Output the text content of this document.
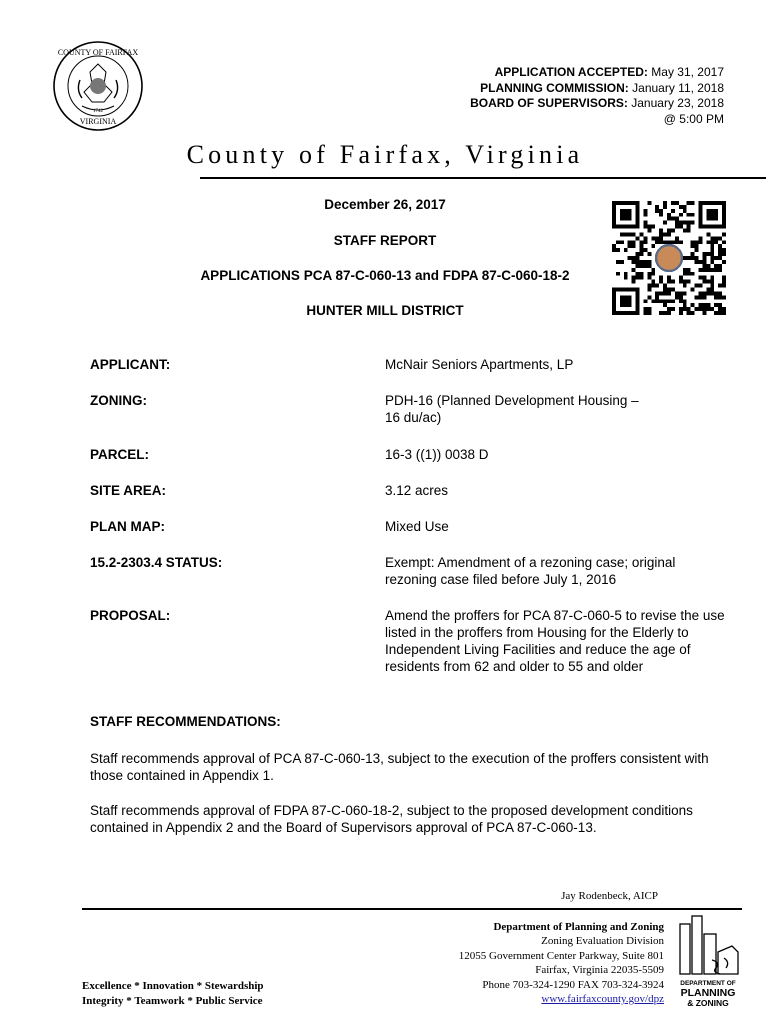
COUNTY OF FAIRFAX
VIRGINIA
1742
APPLICATION ACCEPTED: May 31, 2017
PLANNING COMMISSION: January 11, 2018
BOARD OF SUPERVISORS: January 23, 2018
@ 5:00 PM
County of Fairfax, Virginia
December 26, 2017
STAFF REPORT
APPLICATIONS PCA 87-C-060-13 and FDPA 87-C-060-18-2
HUNTER MILL DISTRICT
APPLICANT:	McNair Seniors Apartments, LP
ZONING:	PDH-16 (Planned Development Housing –
16 du/ac)
PARCEL:	16-3 ((1)) 0038 D
SITE AREA:	3.12 acres
PLAN MAP:	Mixed Use
15.2-2303.4 STATUS:	Exempt: Amendment of a rezoning case; original rezoning case filed before July 1, 2016
PROPOSAL:	Amend the proffers for PCA 87-C-060-5 to revise the use listed in the proffers from Housing for the Elderly to Independent Living Facilities and reduce the age of residents from 62 and older to 55 and older
STAFF RECOMMENDATIONS:
Staff recommends approval of PCA 87-C-060-13, subject to the execution of the proffers consistent with those contained in Appendix 1.
Staff recommends approval of FDPA 87-C-060-18-2, subject to the proposed development conditions contained in Appendix 2 and the Board of Supervisors approval of PCA 87-C-060-13.
Jay Rodenbeck, AICP
Department of Planning and Zoning
Zoning Evaluation Division
12055 Government Center Parkway, Suite 801
Fairfax, Virginia 22035-5509
Phone 703-324-1290 FAX 703-324-3924
www.fairfaxcounty.gov/dpz
Excellence * Innovation * Stewardship
Integrity * Teamwork * Public Service
DEPARTMENT OF
PLANNING
& ZONING
